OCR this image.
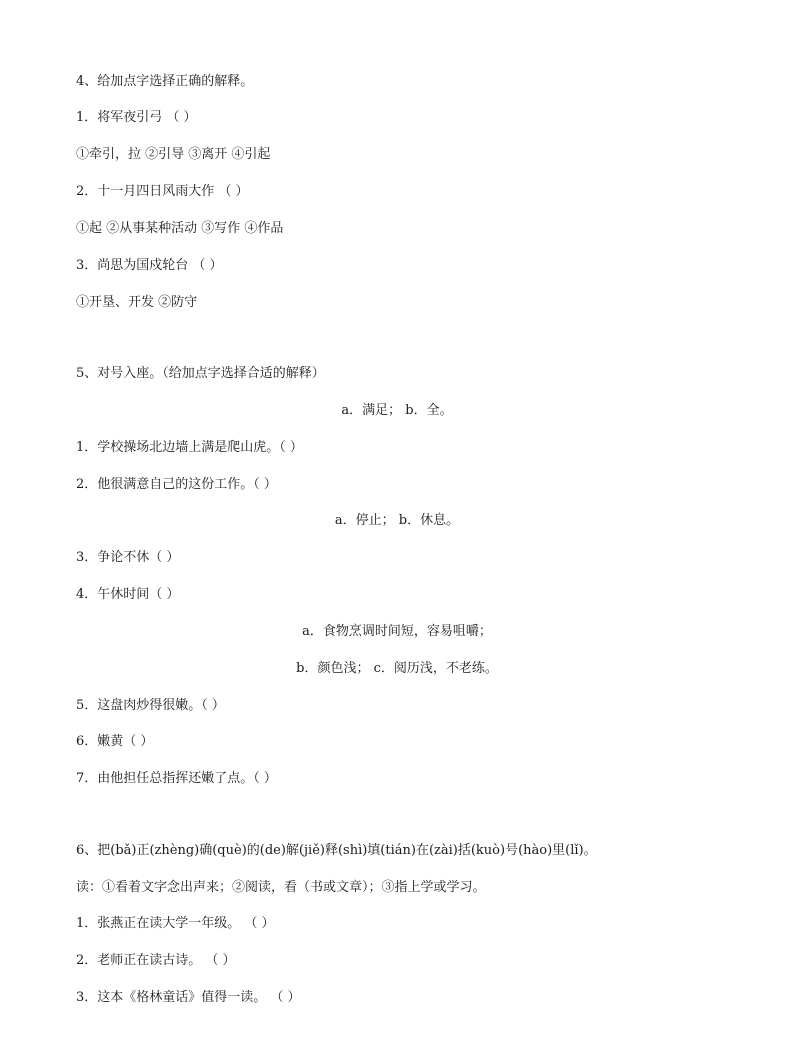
4、给加点字选择正确的解释。
1．将军夜引弓 （ ）
①牵引，拉 ②引导 ③离开 ④引起
2．十一月四日风雨大作 （ ）
①起 ②从事某种活动 ③写作 ④作品
3．尚思为国戍轮台 （ ）
①开垦、开发 ②防守
5、对号入座。（给加点字选择合适的解释）
a．满足； b．全。
1．学校操场北边墙上满是爬山虎。（ ）
2．他很满意自己的这份工作。（ ）
a．停止； b．休息。
3．争论不休（ ）
4．午休时间（ ）
a．食物烹调时间短，容易咀嚼；
b．颜色浅； c．阅历浅，不老练。
5．这盘肉炒得很嫩。（ ）
6．嫩黄（ ）
7．由他担任总指挥还嫩了点。（ ）
6、把(bǎ)正(zhèng)确(què)的(de)解(jiě)释(shì)填(tián)在(zài)括(kuò)号(hào)里(lǐ)。
读：①看着文字念出声来；②阅读，看（书或文章）；③指上学或学习。
1．张燕正在读大学一年级。 （ ）
2．老师正在读古诗。 （ ）
3．这本《格林童话》值得一读。 （ ）
